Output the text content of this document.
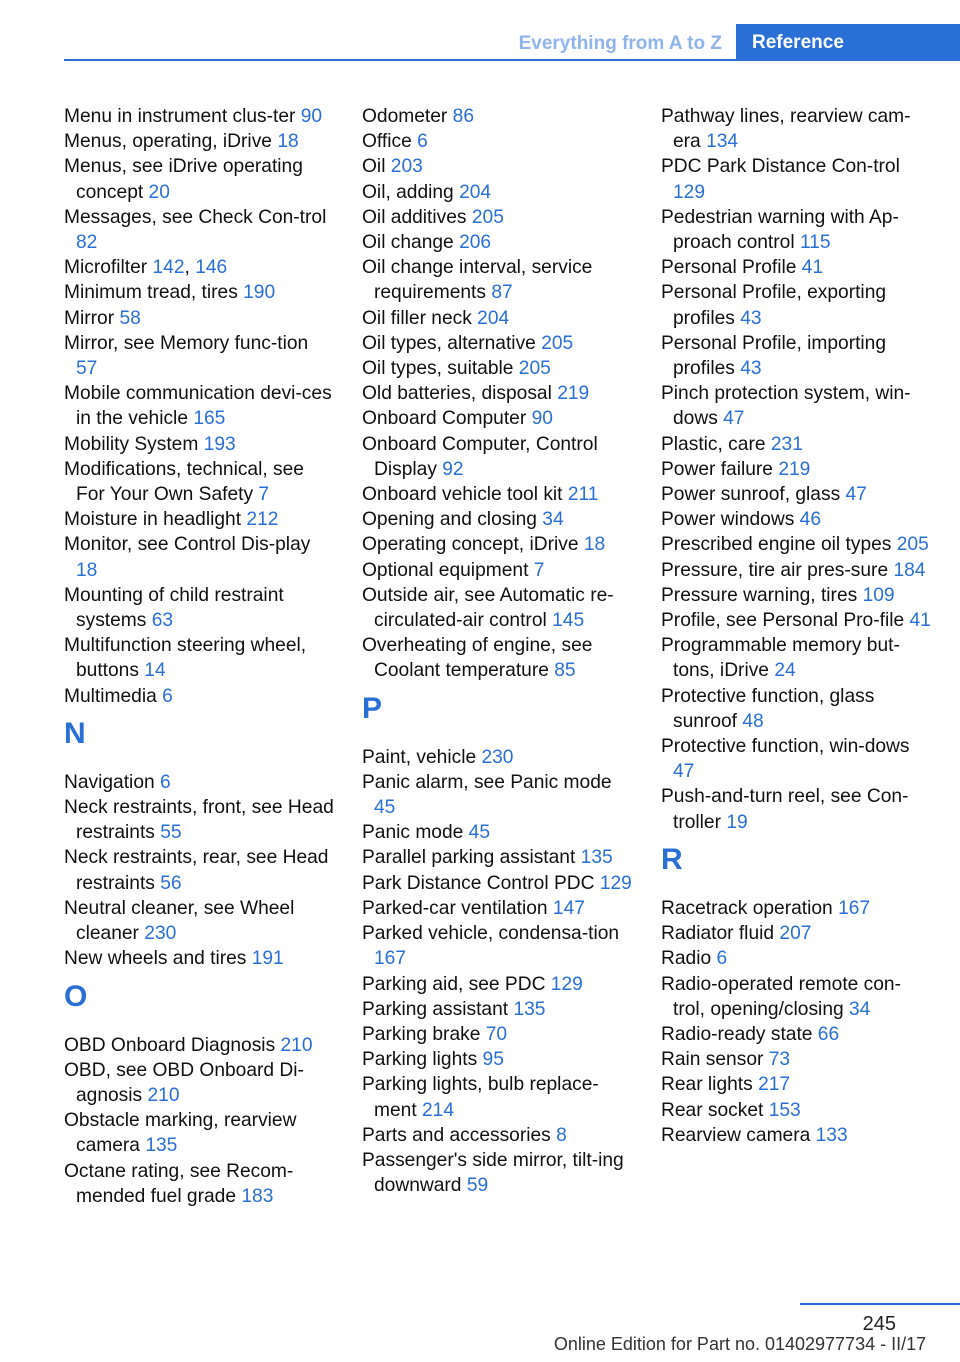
Everything from A to Z	Reference
Menu in instrument clus‐ter 90
Menus, operating, iDrive 18
Menus, see iDrive operating concept 20
Messages, see Check Con‐trol 82
Microfilter 142, 146
Minimum tread, tires 190
Mirror 58
Mirror, see Memory func‐tion 57
Mobile communication devi‐ces in the vehicle 165
Mobility System 193
Modifications, technical, see For Your Own Safety 7
Moisture in headlight 212
Monitor, see Control Dis‐play 18
Mounting of child restraint systems 63
Multifunction steering wheel, buttons 14
Multimedia 6
N
Navigation 6
Neck restraints, front, see Head restraints 55
Neck restraints, rear, see Head restraints 56
Neutral cleaner, see Wheel cleaner 230
New wheels and tires 191
O
OBD Onboard Diagnosis 210
OBD, see OBD Onboard Di‐agnosis 210
Obstacle marking, rearview camera 135
Octane rating, see Recom‐mended fuel grade 183
Odometer 86
Office 6
Oil 203
Oil, adding 204
Oil additives 205
Oil change 206
Oil change interval, service requirements 87
Oil filler neck 204
Oil types, alternative 205
Oil types, suitable 205
Old batteries, disposal 219
Onboard Computer 90
Onboard Computer, Control Display 92
Onboard vehicle tool kit 211
Opening and closing 34
Operating concept, iDrive 18
Optional equipment 7
Outside air, see Automatic re‐circulated-air control 145
Overheating of engine, see Coolant temperature 85
P
Paint, vehicle 230
Panic alarm, see Panic mode 45
Panic mode 45
Parallel parking assistant 135
Park Distance Control PDC 129
Parked-car ventilation 147
Parked vehicle, condensa‐tion 167
Parking aid, see PDC 129
Parking assistant 135
Parking brake 70
Parking lights 95
Parking lights, bulb replace‐ment 214
Parts and accessories 8
Passenger's side mirror, tilt‐ing downward 59
Pathway lines, rearview cam‐era 134
PDC Park Distance Con‐trol 129
Pedestrian warning with Ap‐proach control 115
Personal Profile 41
Personal Profile, exporting profiles 43
Personal Profile, importing profiles 43
Pinch protection system, win‐dows 47
Plastic, care 231
Power failure 219
Power sunroof, glass 47
Power windows 46
Prescribed engine oil types 205
Pressure, tire air pres‐sure 184
Pressure warning, tires 109
Profile, see Personal Pro‐file 41
Programmable memory but‐tons, iDrive 24
Protective function, glass sunroof 48
Protective function, win‐dows 47
Push-and-turn reel, see Con‐troller 19
R
Racetrack operation 167
Radiator fluid 207
Radio 6
Radio-operated remote con‐trol, opening/closing 34
Radio-ready state 66
Rain sensor 73
Rear lights 217
Rear socket 153
Rearview camera 133
245
Online Edition for Part no. 01402977734 - II/17
